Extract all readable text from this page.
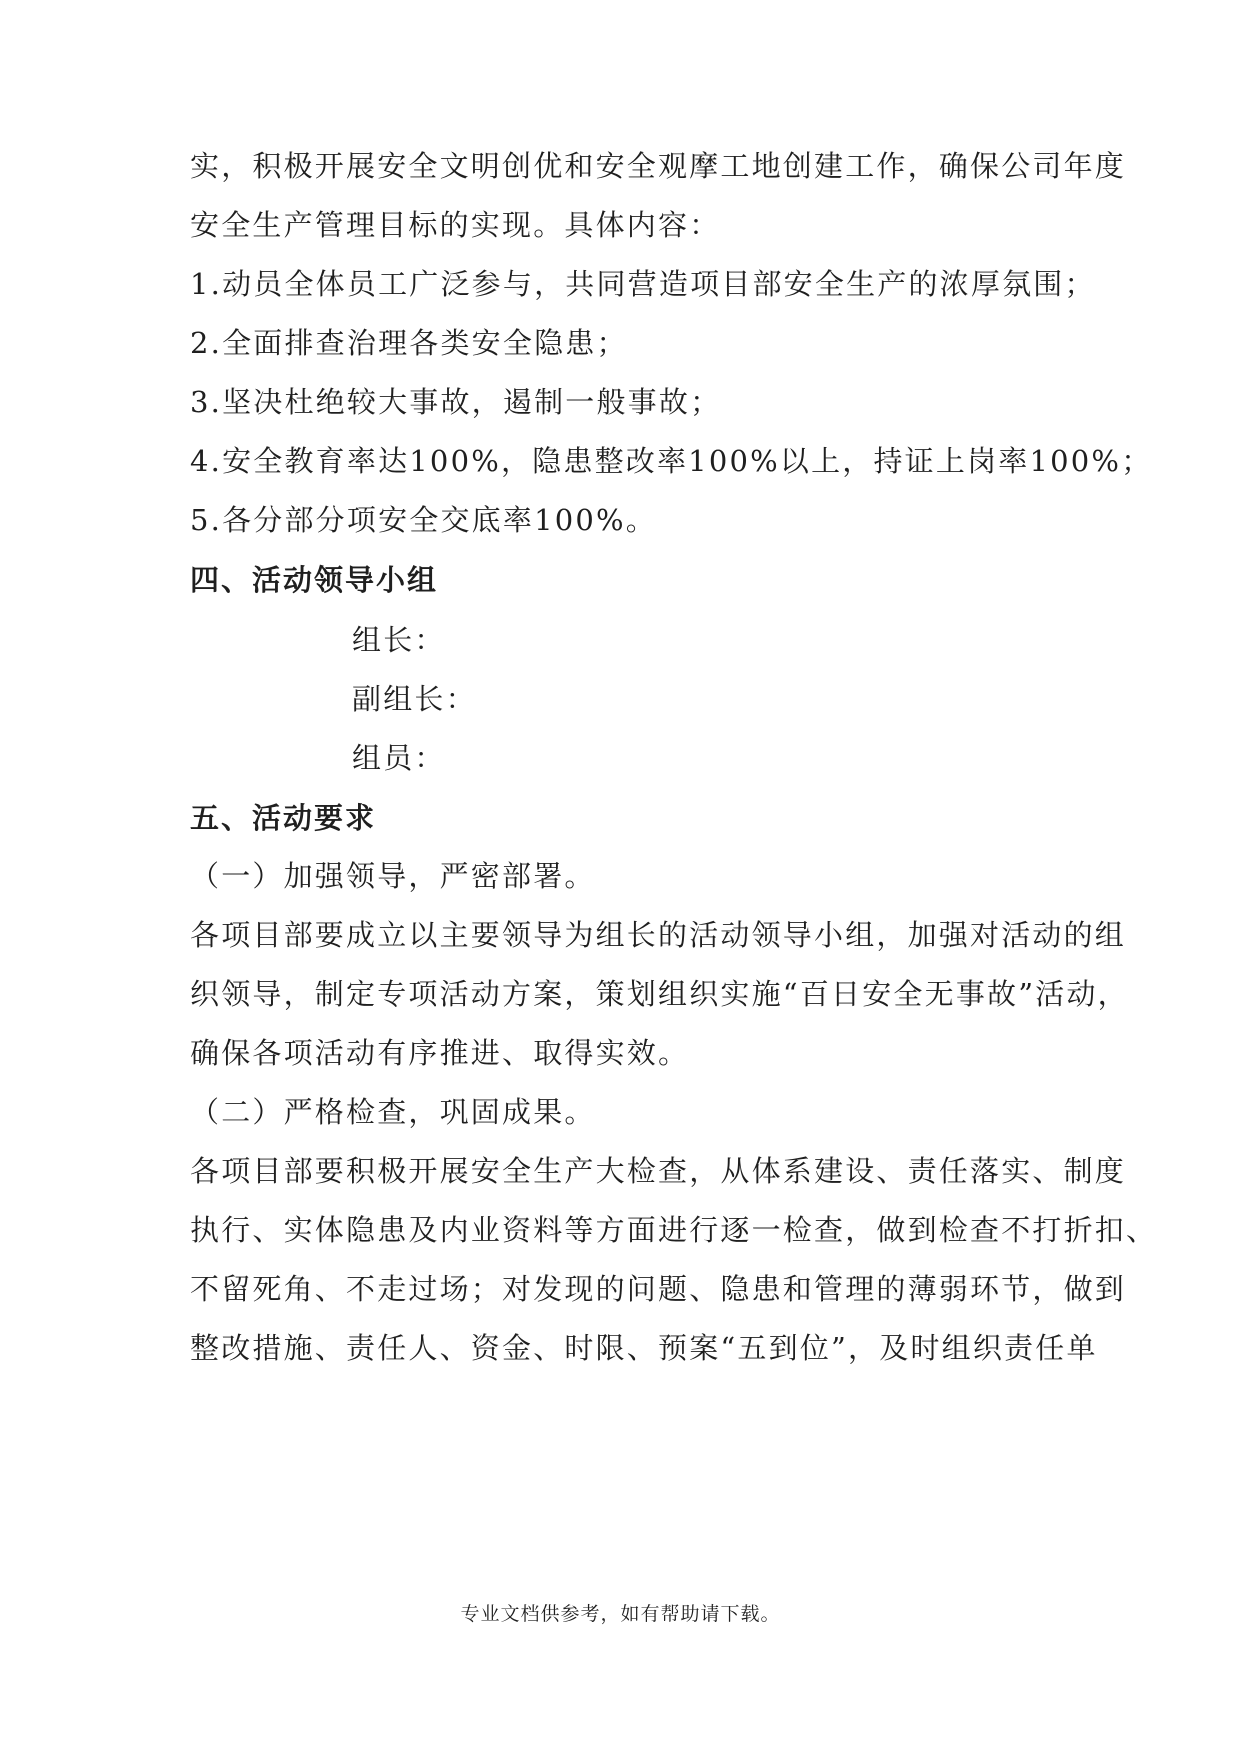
实，积极开展安全文明创优和安全观摩工地创建工作，确保公司年度
安全生产管理目标的实现。具体内容：
1.动员全体员工广泛参与，共同营造项目部安全生产的浓厚氛围；
2.全面排查治理各类安全隐患；
3.坚决杜绝较大事故，遏制一般事故；
4.安全教育率达100%，隐患整改率100%以上，持证上岗率100%；
5.各分部分项安全交底率100%。
四、活动领导小组
组长：
副组长：
组员：
五、活动要求
（一）加强领导，严密部署。
各项目部要成立以主要领导为组长的活动领导小组，加强对活动的组
织领导，制定专项活动方案，策划组织实施“百日安全无事故”活动，
确保各项活动有序推进、取得实效。
（二）严格检查，巩固成果。
各项目部要积极开展安全生产大检查，从体系建设、责任落实、制度
执行、实体隐患及内业资料等方面进行逐一检查，做到检查不打折扣、
不留死角、不走过场；对发现的问题、隐患和管理的薄弱环节，做到
整改措施、责任人、资金、时限、预案“五到位”，及时组织责任单
专业文档供参考，如有帮助请下载。
